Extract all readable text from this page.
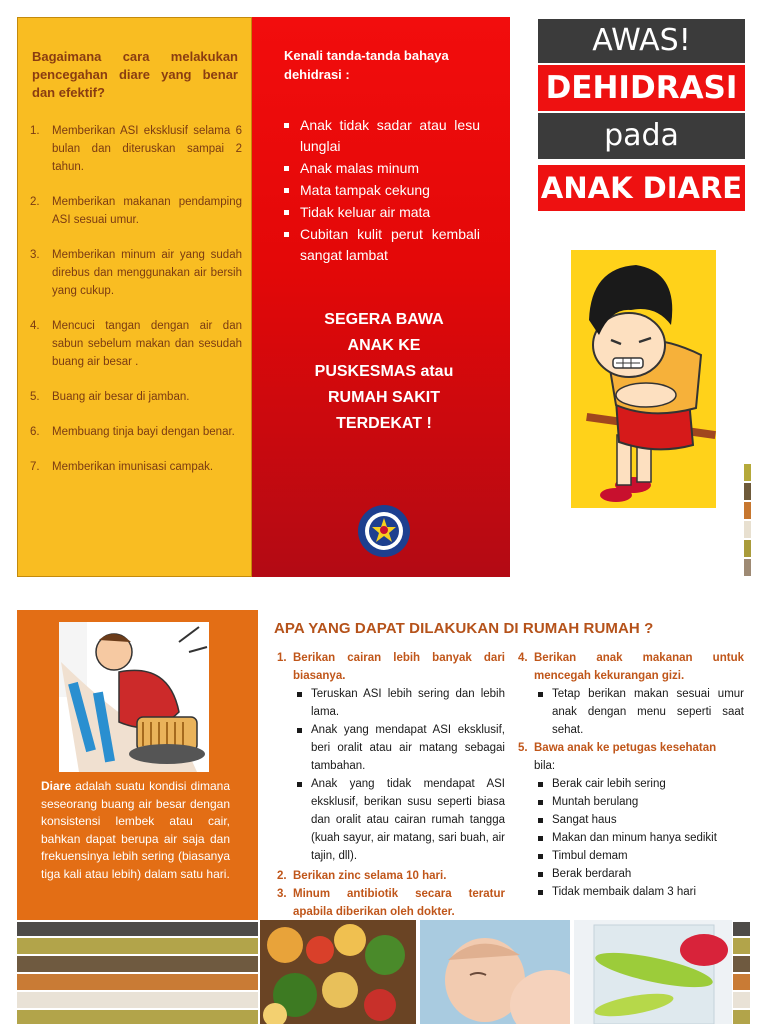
Bagaimana cara melakukan pencegahan diare yang benar dan efektif?
1. Memberikan ASI eksklusif selama 6 bulan dan diteruskan sampai 2 tahun.
2. Memberikan makanan pendamping ASI sesuai umur.
3. Memberikan minum air yang sudah direbus dan menggunakan air bersih yang cukup.
4. Mencuci tangan dengan air dan sabun sebelum makan dan sesudah buang air besar .
5. Buang air besar di jamban.
6. Membuang tinja bayi dengan benar.
7. Memberikan imunisasi campak.
Kenali tanda-tanda bahaya dehidrasi :
Anak tidak sadar atau lesu lunglai
Anak malas minum
Mata tampak cekung
Tidak keluar air mata
Cubitan kulit perut kembali sangat lambat
SEGERA BAWA
ANAK KE
PUSKESMAS atau
RUMAH SAKIT
TERDEKAT !
AWAS!
DEHIDRASI
pada
ANAK DIARE
Diare adalah suatu kondisi dimana seseorang buang air besar dengan konsistensi lembek atau cair, bahkan dapat berupa air saja dan frekuensinya lebih sering (biasanya tiga kali atau lebih) dalam satu hari.
APA YANG DAPAT DILAKUKAN DI RUMAH RUMAH ?
1. Berikan cairan lebih banyak dari biasanya.
Teruskan ASI lebih sering dan lebih lama.
Anak yang mendapat ASI eksklusif, beri oralit atau air matang sebagai tambahan.
Anak yang tidak mendapat ASI eksklusif, berikan susu seperti biasa dan oralit atau cairan rumah tangga (kuah sayur, air matang, sari buah, air tajin, dll).
2. Berikan zinc selama 10 hari.
3. Minum antibiotik secara teratur apabila diberikan oleh dokter.
4. Berikan anak makanan untuk mencegah kekurangan gizi.
Tetap berikan makan sesuai umur anak dengan menu seperti saat sehat.
5. Bawa anak ke petugas kesehatan
bila:
Berak cair lebih sering
Muntah berulang
Sangat haus
Makan dan minum hanya sedikit
Timbul demam
Berak berdarah
Tidak membaik dalam 3 hari
